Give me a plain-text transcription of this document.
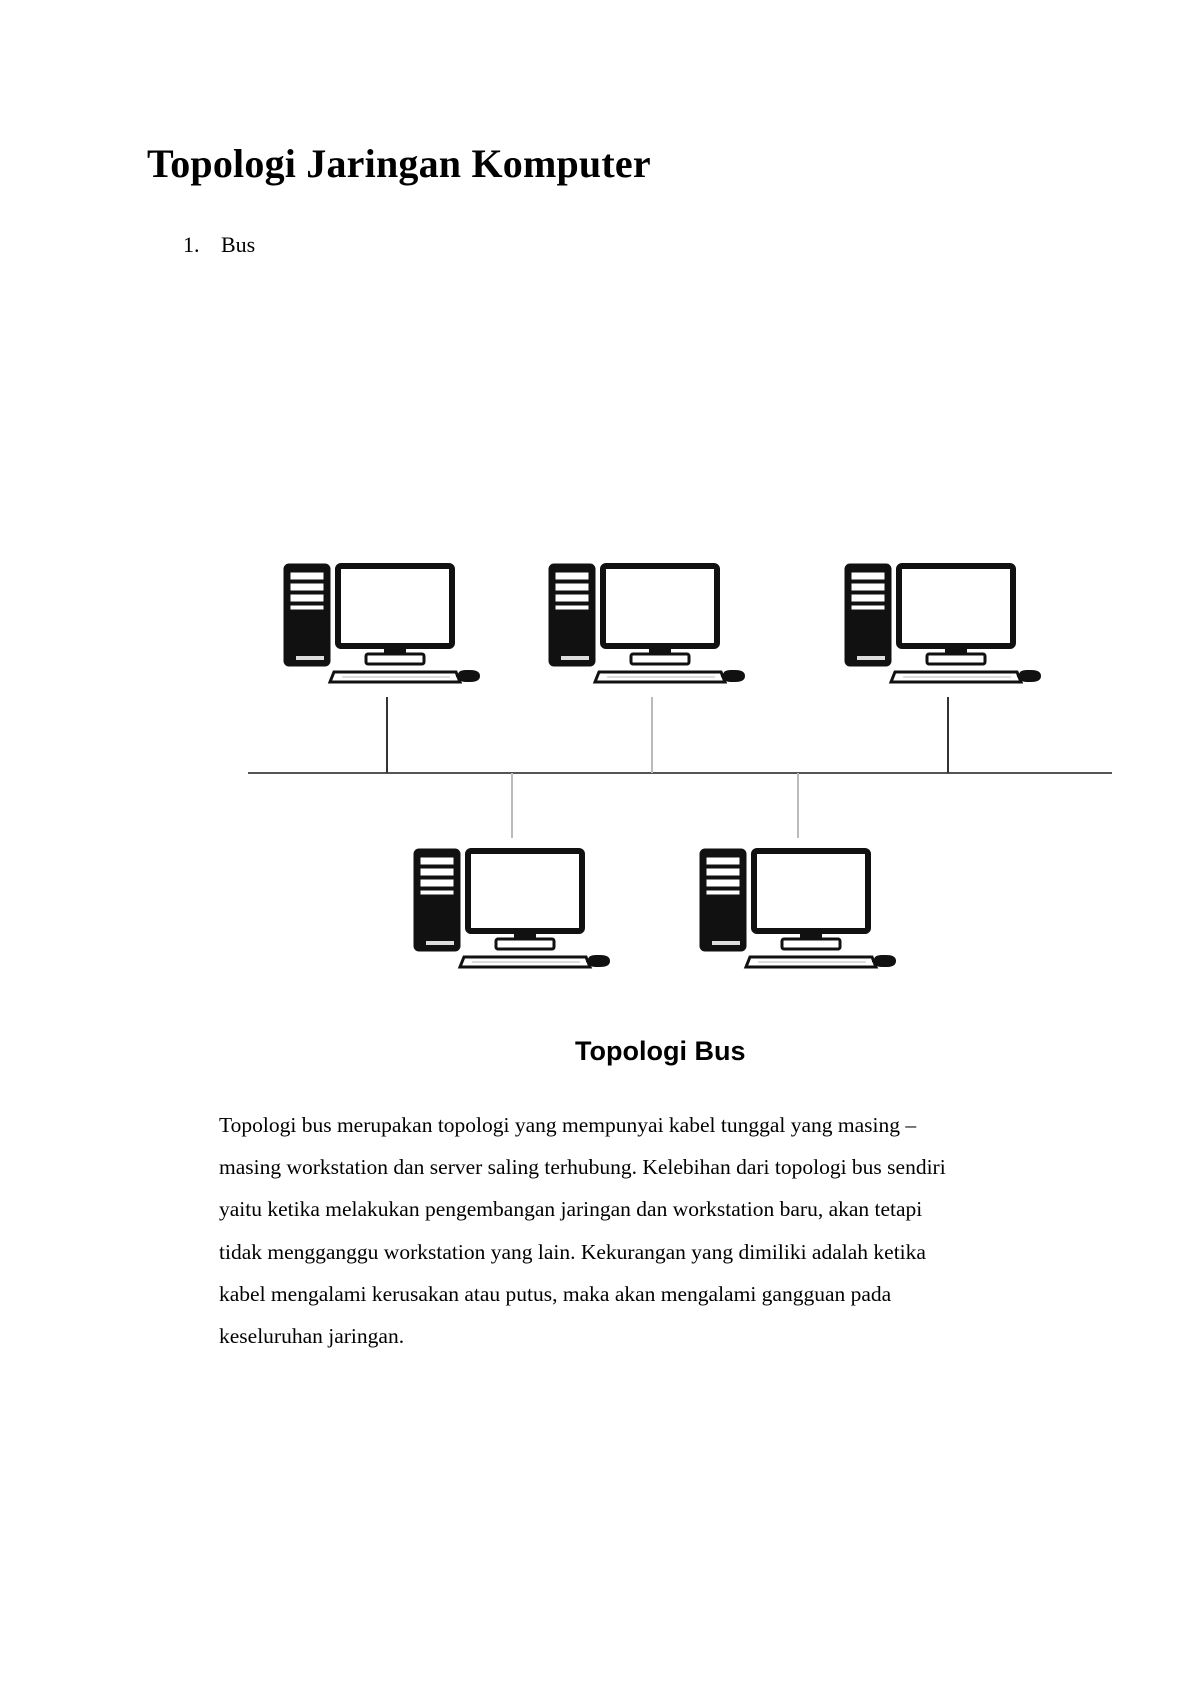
Topologi Jaringan Komputer
1. Bus
Topologi Bus

Topologi bus merupakan topologi yang mempunyai kabel tunggal yang masing –
masing workstation dan server saling terhubung. Kelebihan dari topologi bus sendiri
yaitu ketika melakukan pengembangan jaringan dan workstation baru, akan tetapi
tidak mengganggu workstation yang lain. Kekurangan yang dimiliki adalah ketika
kabel mengalami kerusakan atau putus, maka akan mengalami gangguan pada
keseluruhan jaringan.
